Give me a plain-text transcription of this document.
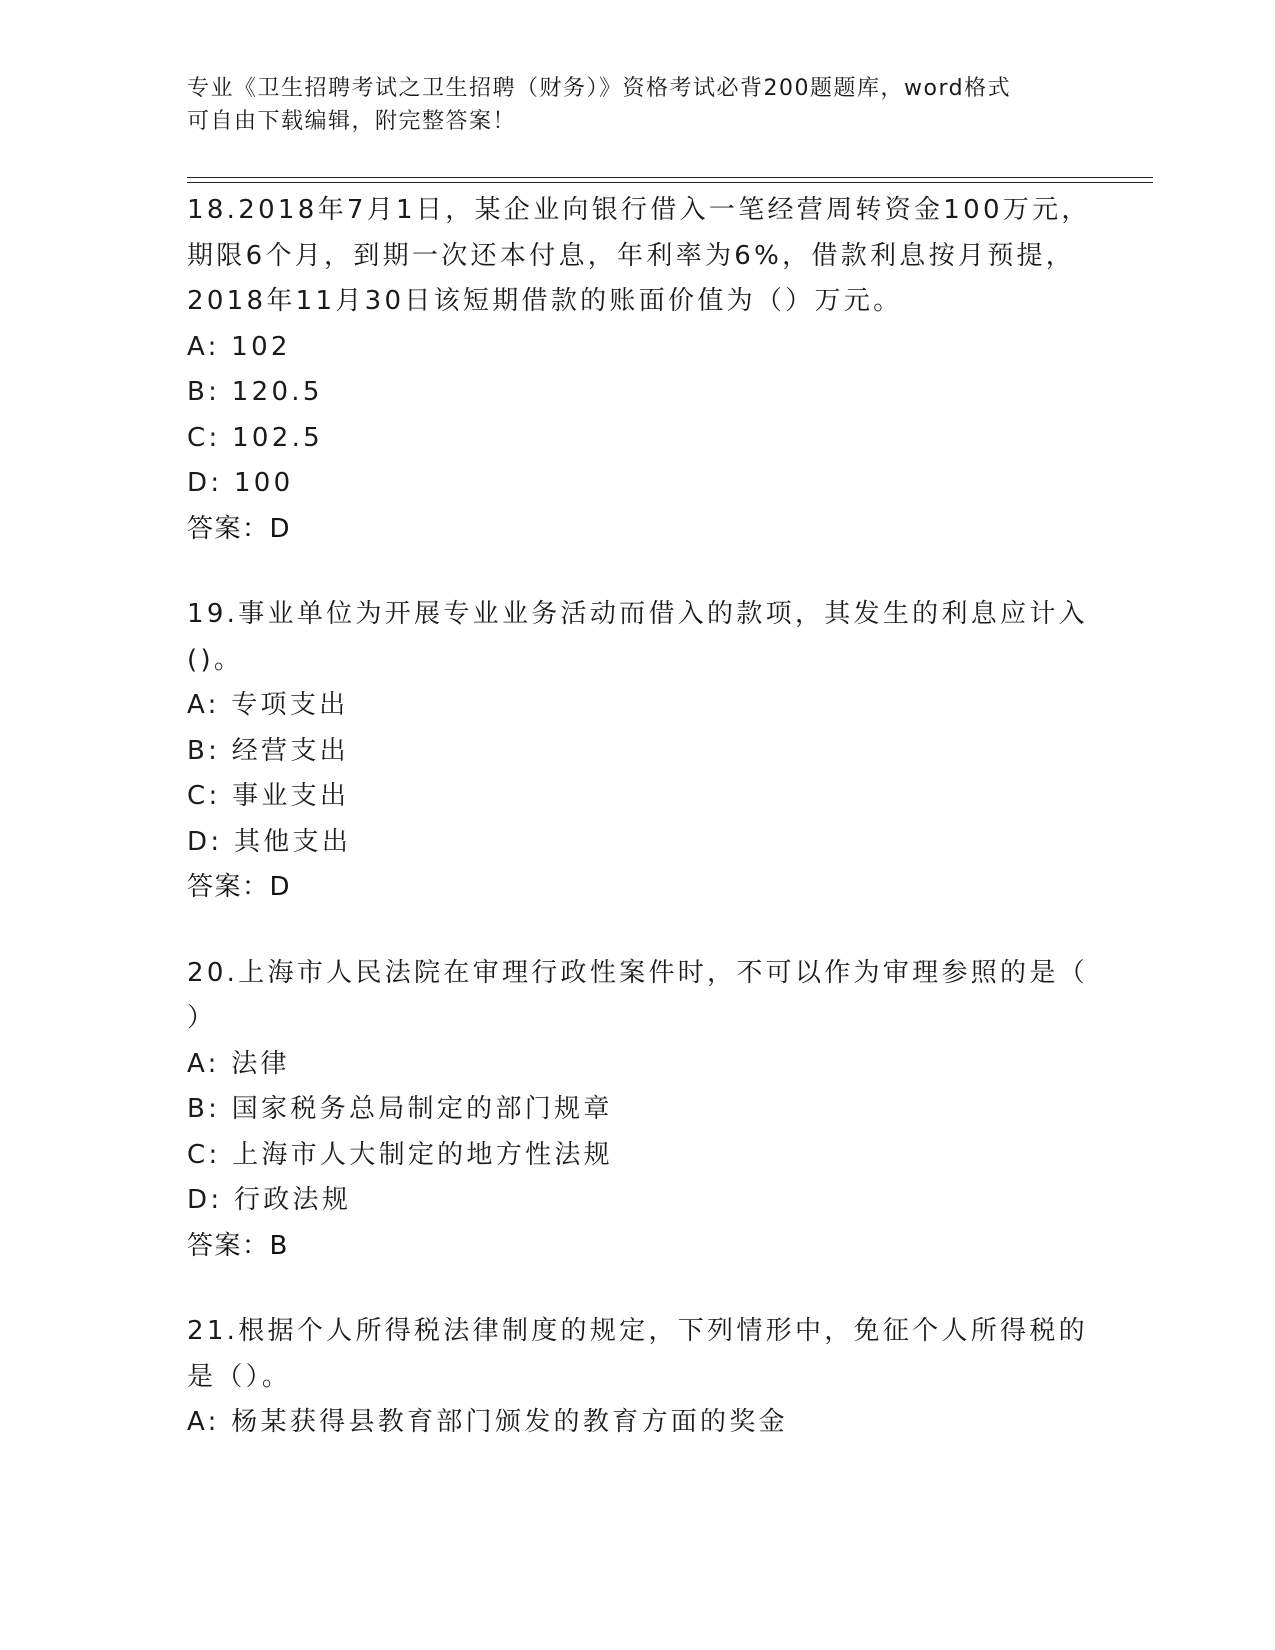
专业《卫生招聘考试之卫生招聘（财务）》资格考试必背200题题库，word格式
可自由下载编辑，附完整答案！
18.2018年7月1日，某企业向银行借入一笔经营周转资金100万元，
期限6个月，到期一次还本付息，年利率为6%，借款利息按月预提，
2018年11月30日该短期借款的账面价值为（）万元。
A: 102
B: 120.5
C: 102.5
D: 100
答案：D
19.事业单位为开展专业业务活动而借入的款项，其发生的利息应计入
()。
A: 专项支出
B: 经营支出
C: 事业支出
D: 其他支出
答案：D
20.上海市人民法院在审理行政性案件时，不可以作为审理参照的是（
）
A: 法律
B: 国家税务总局制定的部门规章
C: 上海市人大制定的地方性法规
D: 行政法规
答案：B
21.根据个人所得税法律制度的规定，下列情形中，免征个人所得税的
是（）。
A: 杨某获得县教育部门颁发的教育方面的奖金
